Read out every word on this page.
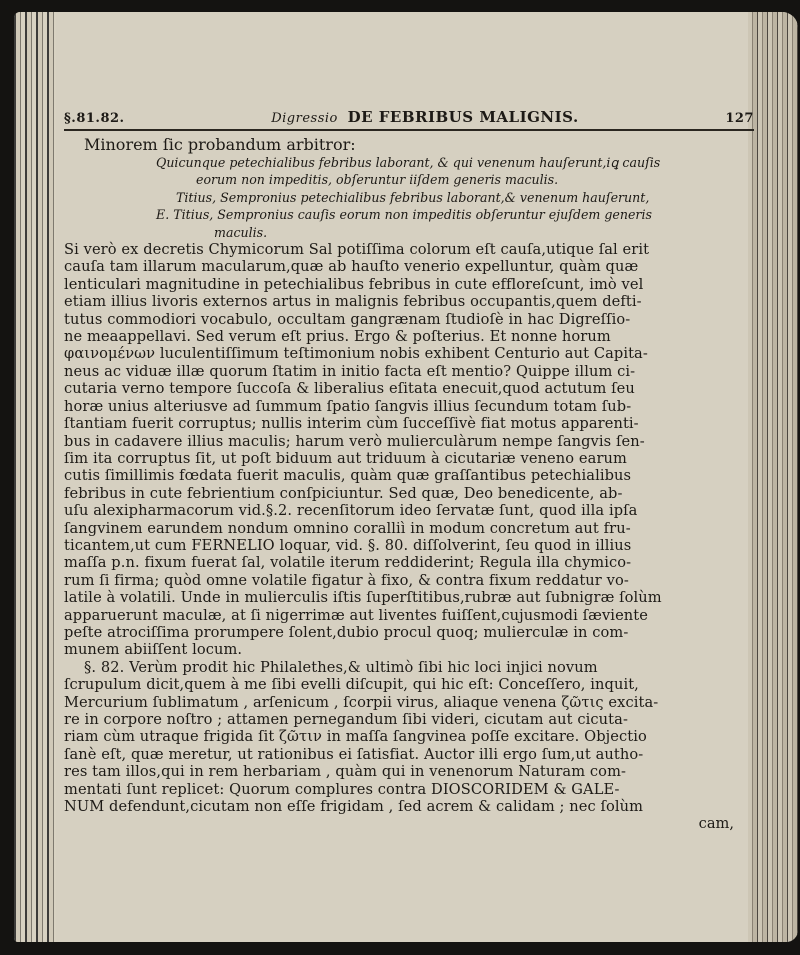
§.81.82.	Digressio DE FEBRIBUS MALIGNIS.	127

Minorem ſic probandum arbitror:

Quicunque petechialibus febribus laborant, & qui venenum hauſerunt,iꝗ cauſis

eorum non impeditis, obſeruntur iiſdem generis maculis.

Titius, Sempronius petechialibus febribus laborant,& venenum hauſerunt,

E. Titius, Sempronius cauſis eorum non impeditis obſeruntur ejuſdem generis

maculis.

Si verò ex decretis Chymicorum Sal potiſſima colorum eſt cauſa,utique ſal erit

cauſa tam illarum macularum,quæ ab hauſto venerio expelluntur, quàm quæ

lenticulari magnitudine in petechialibus febribus in cute efflorеſcunt, imò vel

etiam illius livoris externos artus in malignis febribus occupantis,quem defti-

tutus commodiori vocabulo, occultam gangrænam ſtudioſè in hac Digreſſio-

ne meaappellavi. Sed verum eſt prius. Ergo & poſterius. Et nonne horum

φαινομένων luculentiſſimum teſtimonium nobis exhibent Centurio aut Capita-

neus ac viduæ illæ quorum ſtatim in initio facta eſt mentio? Quippe illum ci-

cutaria verno tempore ſuccoſa & liberalius eſitata enecuit,quod actutum ſeu

horæ unius alteriusve ad ſummum ſpatio ſangvis illius ſecundum totam ſub-

ſtantiam fuerit corruptus; nullis interim cùm ſucceſſivè fiat motus apparenti-

bus in cadavere illius maculis; harum verò mulierculàrum nempe ſangvis ſen-

ſim ita corruptus ſit, ut poſt biduum aut triduum à cicutariæ veneno earum

cutis ſimillimis fœdata fuerit maculis, quàm quæ graſſantibus petechialibus

febribus in cute febrientium conſpiciuntur. Sed quæ, Deo benedicente, ab-

uſu alexipharmacorum vid.§.2. recenſitorum ideo ſervatæ ſunt, quod illa ipſa

ſangvinem earundem nondum omnino coralliì in modum concretum aut fru-

ticantem,ut cum FERNELIO loquar, vid. §. 80. diſſolverint, ſeu quod in illius

maſſa p.n. fixum fuerat ſal, volatile iterum reddiderint; Regula illa chymico-

rum ſi firma; quòd omne volatile figatur à fixo, & contra fixum reddatur vo-

latile à volatili. Unde in mulierculis iſtis ſuperſtitibus,rubræ aut ſubnigræ ſolùm

apparuerunt maculæ, at ſi nigerrimæ aut liventes fuiſſent,cujusmodi ſæviente

peſte atrociſſima prorumpere ſolent,dubio procul quoq; mulierculæ in com-

munem abiiſſent locum.

§. 82. Verùm prodit hic Philalethes,& ultimò ſibi hic loci injici novum

ſcrupulum dicit,quem à me ſibi evelli diſcupit, qui hic eſt: Conceſſero, inquit,

Mercurium ſublimatum , arſenicum , ſcorpii virus, aliaque venena ζῶτις excita-

re in corpore noſtro ; attamen pernegandum ſibi videri, cicutam aut cicuta-

riam cùm utraque frigida ſit ζῶτιν in maſſa ſangvinea poſſe excitare. Objectio

ſanè eſt, quæ meretur, ut rationibus ei ſatisfiat. Auctor illi ergo ſum,ut autho-

res tam illos,qui in rem herbariam , quàm qui in venenorum Naturam com-

mentati ſunt replicet: Quorum complures contra DIOSCORIDEM & GALE-

NUM defendunt,cicutam non eſſe frigidam , ſed acrem & calidam ; nec ſolùm

cam,
